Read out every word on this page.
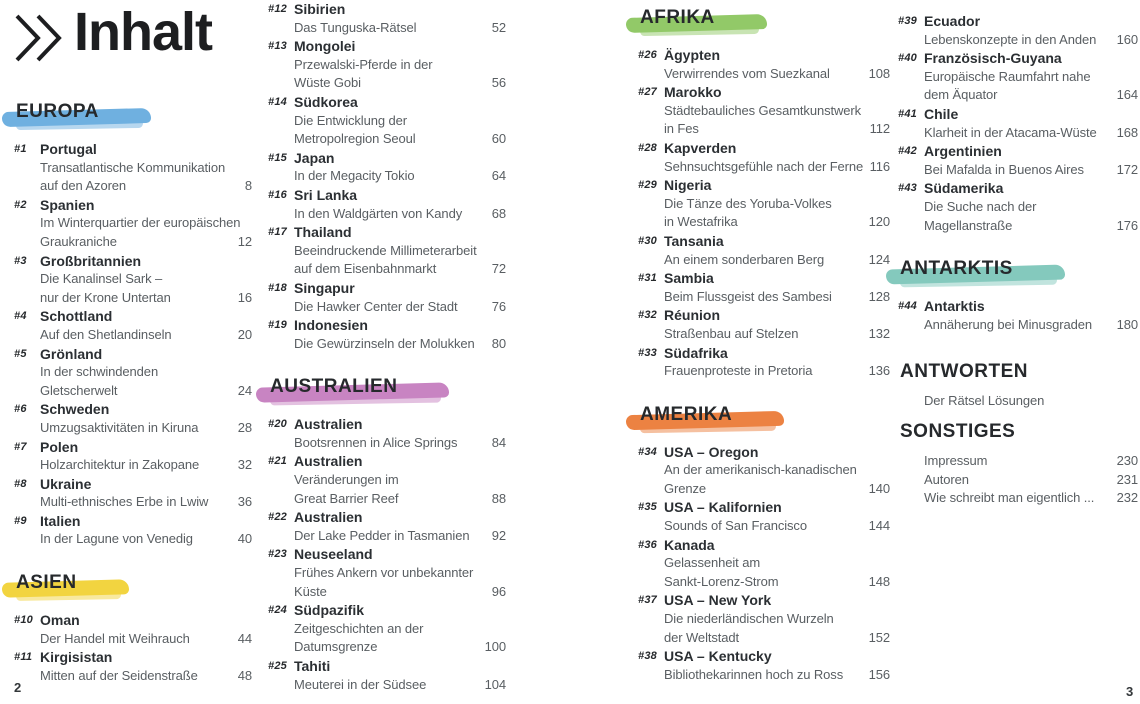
Inhalt
EUROPA
#1 Portugal
Transatlantische Kommunikation
auf den Azoren	8
#2 Spanien
Im Winterquartier der europäischen
Graukraniche	12
#3 Großbritannien
Die Kanalinsel Sark –
nur der Krone Untertan	16
#4 Schottland
Auf den Shetlandinseln	20
#5 Grönland
In der schwindenden
Gletscherwelt	24
#6 Schweden
Umzugsaktivitäten in Kiruna	28
#7 Polen
Holzarchitektur in Zakopane	32
#8 Ukraine
Multi-ethnisches Erbe in Lwiw	36
#9 Italien
In der Lagune von Venedig	40
ASIEN
#10 Oman
Der Handel mit Weihrauch	44
#11 Kirgisistan
Mitten auf der Seidenstraße	48
#12 Sibirien
Das Tunguska-Rätsel	52
#13 Mongolei
Przewalski-Pferde in der
Wüste Gobi	56
#14 Südkorea
Die Entwicklung der
Metropolregion Seoul	60
#15 Japan
In der Megacity Tokio	64
#16 Sri Lanka
In den Waldgärten von Kandy	68
#17 Thailand
Beeindruckende Millimeterarbeit
auf dem Eisenbahnmarkt	72
#18 Singapur
Die Hawker Center der Stadt	76
#19 Indonesien
Die Gewürzinseln der Molukken	80
AUSTRALIEN
#20 Australien
Bootsrennen in Alice Springs	84
#21 Australien
Veränderungen im
Great Barrier Reef	88
#22 Australien
Der Lake Pedder in Tasmanien	92
#23 Neuseeland
Frühes Ankern vor unbekannter
Küste	96
#24 Südpazifik
Zeitgeschichten an der
Datumsgrenze	100
#25 Tahiti
Meuterei in der Südsee	104
AFRIKA
#26 Ägypten
Verwirrendes vom Suezkanal	108
#27 Marokko
Städtebauliches Gesamtkunstwerk
in Fes	112
#28 Kapverden
Sehnsuchtsgefühle nach der Ferne 116
#29 Nigeria
Die Tänze des Yoruba-Volkes
in Westafrika	120
#30 Tansania
An einem sonderbaren Berg	124
#31 Sambia
Beim Flussgeist des Sambesi	128
#32 Réunion
Straßenbau auf Stelzen	132
#33 Südafrika
Frauenproteste in Pretoria	136
AMERIKA
#34 USA – Oregon
An der amerikanisch-kanadischen
Grenze	140
#35 USA – Kalifornien
Sounds of San Francisco	144
#36 Kanada
Gelassenheit am
Sankt-Lorenz-Strom	148
#37 USA – New York
Die niederländischen Wurzeln
der Weltstadt	152
#38 USA – Kentucky
Bibliothekarinnen hoch zu Ross	156
#39 Ecuador
Lebenskonzepte in den Anden	160
#40 Französisch-Guyana
Europäische Raumfahrt nahe
dem Äquator	164
#41 Chile
Klarheit in der Atacama-Wüste	168
#42 Argentinien
Bei Mafalda in Buenos Aires	172
#43 Südamerika
Die Suche nach der
Magellanstraße	176
ANTARKTIS
#44 Antarktis
Annäherung bei Minusgraden	180
ANTWORTEN
Der Rätsel Lösungen
SONSTIGES
Impressum	230
Autoren	231
Wie schreibt man eigentlich ...	232
2	3
